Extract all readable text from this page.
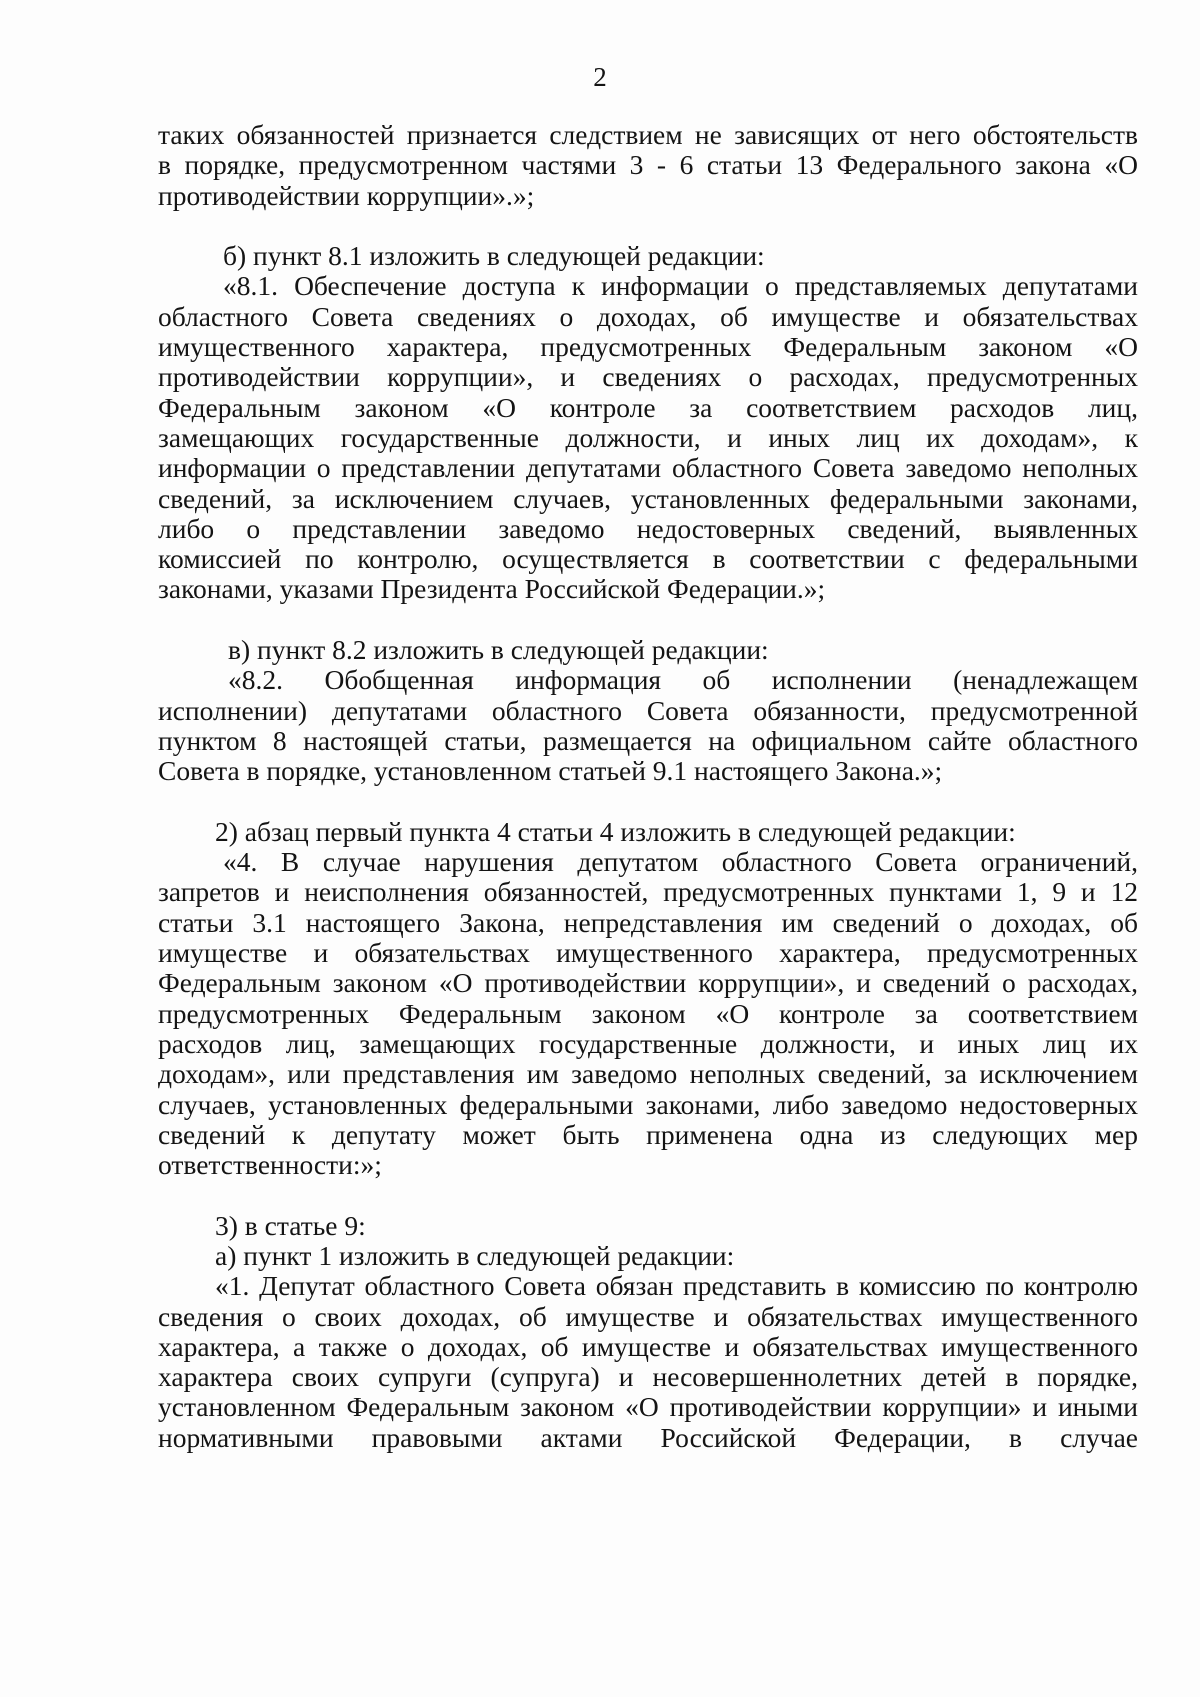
2
таких обязанностей признается следствием не зависящих от него обстоятельств
в порядке, предусмотренном частями 3 - 6 статьи 13 Федерального закона «О
противодействии коррупции».»;
б) пункт 8.1 изложить в следующей редакции:
«8.1. Обеспечение доступа к информации о представляемых депутатами
областного Совета сведениях о доходах, об имуществе и обязательствах
имущественного характера, предусмотренных Федеральным законом «О
противодействии коррупции», и сведениях о расходах, предусмотренных
Федеральным законом «О контроле за соответствием расходов лиц,
замещающих государственные должности, и иных лиц их доходам», к
информации о представлении депутатами областного Совета заведомо неполных
сведений, за исключением случаев, установленных федеральными законами,
либо о представлении заведомо недостоверных сведений, выявленных
комиссией по контролю, осуществляется в соответствии с федеральными
законами, указами Президента Российской Федерации.»;
в) пункт 8.2 изложить в следующей редакции:
«8.2. Обобщенная информация об исполнении (ненадлежащем
исполнении) депутатами областного Совета обязанности, предусмотренной
пунктом 8 настоящей статьи, размещается на официальном сайте областного
Совета в порядке, установленном статьей 9.1 настоящего Закона.»;
2) абзац первый пункта 4 статьи 4 изложить в следующей редакции:
«4. В случае нарушения депутатом областного Совета ограничений,
запретов и неисполнения обязанностей, предусмотренных пунктами 1, 9 и 12
статьи 3.1 настоящего Закона, непредставления им сведений о доходах, об
имуществе и обязательствах имущественного характера, предусмотренных
Федеральным законом «О противодействии коррупции», и сведений о расходах,
предусмотренных Федеральным законом «О контроле за соответствием
расходов лиц, замещающих государственные должности, и иных лиц их
доходам», или представления им заведомо неполных сведений, за исключением
случаев, установленных федеральными законами, либо заведомо недостоверных
сведений к депутату может быть применена одна из следующих мер
ответственности:»;
3) в статье 9:
а) пункт 1 изложить в следующей редакции:
«1. Депутат областного Совета обязан представить в комиссию по контролю
сведения о своих доходах, об имуществе и обязательствах имущественного
характера, а также о доходах, об имуществе и обязательствах имущественного
характера своих супруги (супруга) и несовершеннолетних детей в порядке,
установленном Федеральным законом «О противодействии коррупции» и иными
нормативными правовыми актами Российской Федерации, в случае
